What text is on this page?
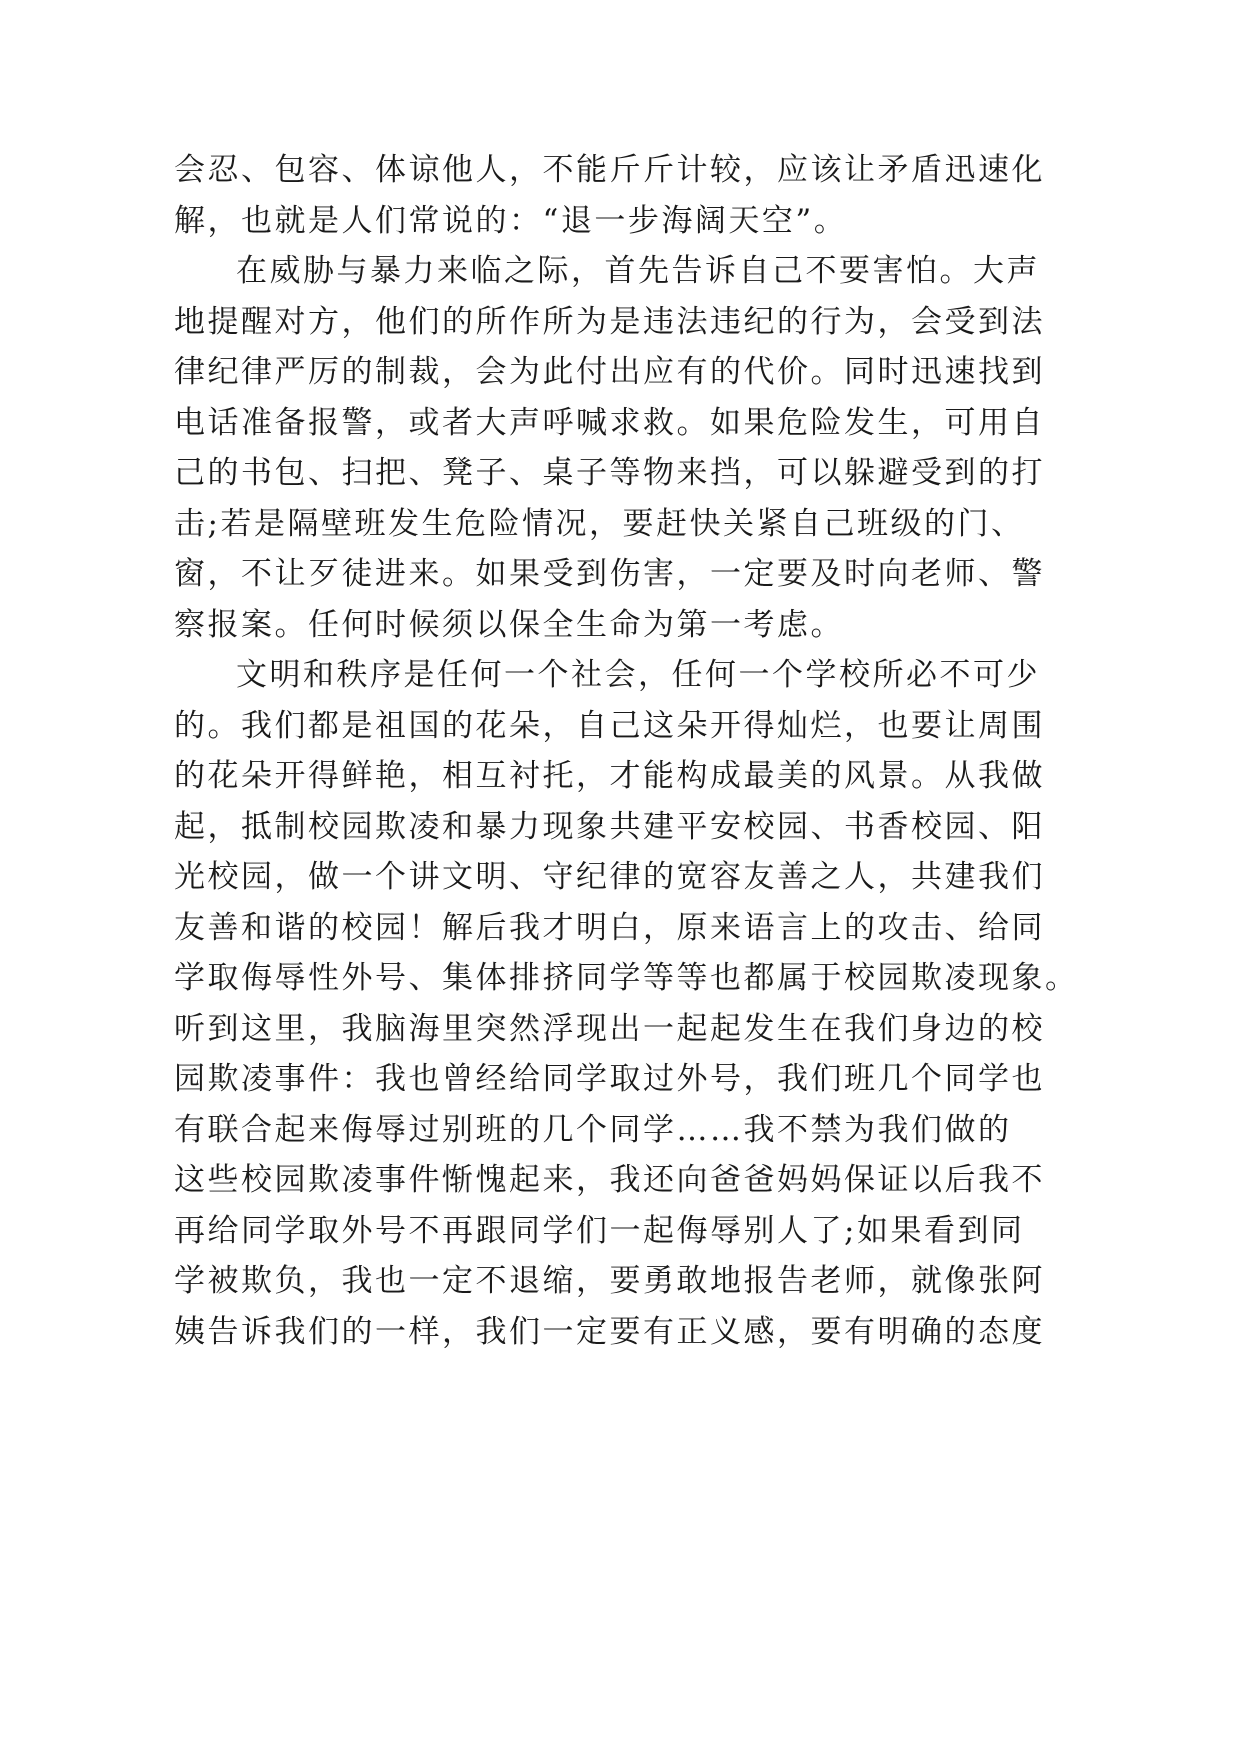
会忍、包容、体谅他人，不能斤斤计较，应该让矛盾迅速化
解，也就是人们常说的：“退一步海阔天空”。
在威胁与暴力来临之际，首先告诉自己不要害怕。大声
地提醒对方，他们的所作所为是违法违纪的行为，会受到法
律纪律严厉的制裁，会为此付出应有的代价。同时迅速找到
电话准备报警，或者大声呼喊求救。如果危险发生，可用自
己的书包、扫把、凳子、桌子等物来挡，可以躲避受到的打
击;若是隔壁班发生危险情况，要赶快关紧自己班级的门、
窗，不让歹徒进来。如果受到伤害，一定要及时向老师、警
察报案。任何时候须以保全生命为第一考虑。
文明和秩序是任何一个社会，任何一个学校所必不可少
的。我们都是祖国的花朵，自己这朵开得灿烂，也要让周围
的花朵开得鲜艳，相互衬托，才能构成最美的风景。从我做
起，抵制校园欺凌和暴力现象共建平安校园、书香校园、阳
光校园，做一个讲文明、守纪律的宽容友善之人，共建我们
友善和谐的校园！解后我才明白，原来语言上的攻击、给同
学取侮辱性外号、集体排挤同学等等也都属于校园欺凌现象。
听到这里，我脑海里突然浮现出一起起发生在我们身边的校
园欺凌事件：我也曾经给同学取过外号，我们班几个同学也
有联合起来侮辱过别班的几个同学……我不禁为我们做的
这些校园欺凌事件惭愧起来，我还向爸爸妈妈保证以后我不
再给同学取外号不再跟同学们一起侮辱别人了;如果看到同
学被欺负，我也一定不退缩，要勇敢地报告老师，就像张阿
姨告诉我们的一样，我们一定要有正义感，要有明确的态度
